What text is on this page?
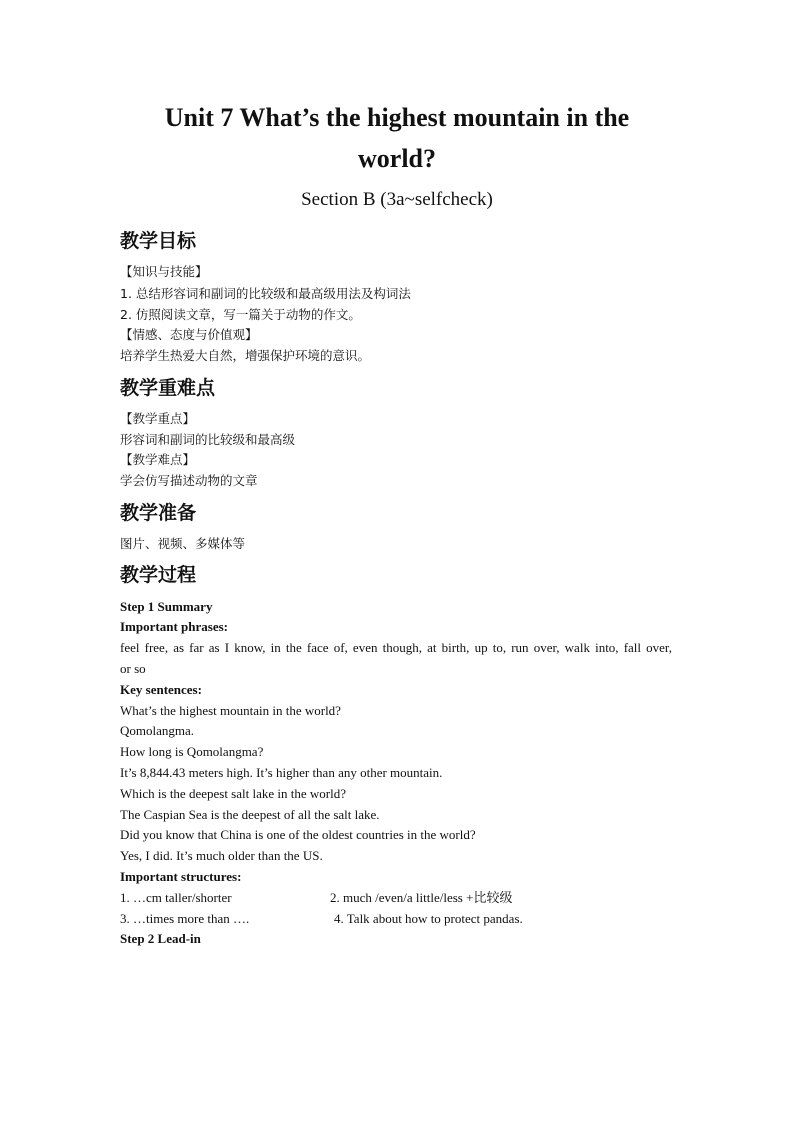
Unit 7 What’s the highest mountain in the
world?
Section B (3a~selfcheck)
教学目标
【知识与技能】
1. 总结形容词和副词的比较级和最高级用法及构词法
2. 仿照阅读文章，写一篇关于动物的作文。
【情感、态度与价值观】
培养学生热爱大自然，增强保护环境的意识。
教学重难点
【教学重点】
形容词和副词的比较级和最高级
【教学难点】
学会仿写描述动物的文章
教学准备
图片、视频、多媒体等
教学过程
Step 1 Summary
Important phrases:
feel free, as far as I know, in the face of, even though, at birth, up to, run over, walk into, fall over,
or so
Key sentences:
What’s the highest mountain in the world?
Qomolangma.
How long is Qomolangma?
It’s 8,844.43 meters high. It’s higher than any other mountain.
Which is the deepest salt lake in the world?
The Caspian Sea is the deepest of all the salt lake.
Did you know that China is one of the oldest countries in the world?
Yes, I did. It’s much older than the US.
Important structures:
1. …cm taller/shorter	2. much /even/a little/less +比较级
3. …times more than ….	4. Talk about how to protect pandas.
Step 2 Lead-in
